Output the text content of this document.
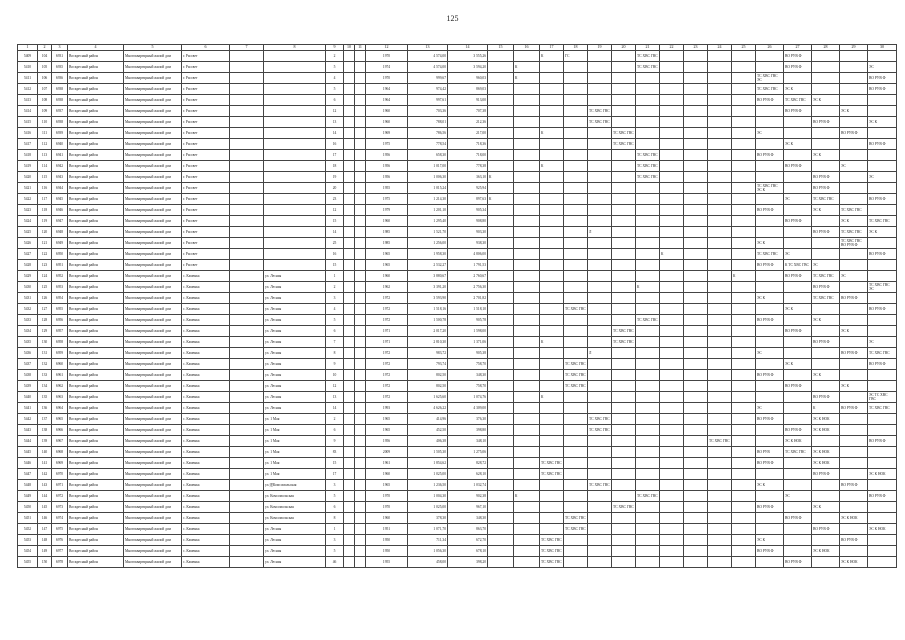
125
1	2	3	4	5	6	7	8	9	10	11	12	13	14	15	16	17	18	19	20	21	22	23	24	25	26	27	28	29	30
5409	104	6931	Воскресный район	Многоквартирный жилой дом	г. Рассвет			2			1970	4 574,00	3 555,26			К	ГС			ТС ХВС ГВС						ВО РУВ Ф			
5410	105	6935	Воскресный район	Многоквартирный жилой дом	г. Рассвет			5			1974	4 574,00	3 594,20		К					ТС ХВС ГВС						ВО РУВ Ф			ЭС
5411	106	6936	Воскресный район	Многоквартирный жилой дом	г. Рассвет			4			1970	999,67	960,03		К										ТС ХВС ГВС ЭС				ВО РУВ Ф
5412	107	6938	Воскресный район	Многоквартирный жилой дом	г. Рассвет			5			1964	974,42	869,03												ТС ХВС ГВС	ЭС К			ВО РУВ Ф
5413	108	6938	Воскресный район	Многоквартирный жилой дом	г. Рассвет			6			1964	997,61	913,00												ВО РУВ Ф	ТС ХВС ГВС	ЭС К		
5414	109	6937	Воскресный район	Многоквартирный жилой дом	г. Рассвет			12			1960	703,36	707,38					ТС ХВС ГВС								ВО РУВ Ф		ЭС К	
5415	110	6938	Воскресный район	Многоквартирный жилой дом	г. Рассвет			13			1960	788,01	212,36					ТС ХВС ГВС									ВО РУВ Ф		ЭС К
5416	111	6939	Воскресный район	Многоквартирный жилой дом	г. Рассвет			14			1969	786,56	217,00			К			ТС ХВС ГВС						ЭС			ВО РУВ Ф	
5417	112	6940	Воскресный район	Многоквартирный жилой дом	г. Рассвет			16			1975	778,54	718,36						ТС ХВС ГВС							ЭС К			ВО РУВ Ф
5418	113	6941	Воскресный район	Многоквартирный жилой дом	г. Рассвет			17			1956	658,30	718,00							ТС ХВС ГВС					ВО РУВ Ф		ЭС К		
5419	114	6942	Воскресный район	Многоквартирный жилой дом	г. Рассвет			18			1956	1 017,00	778,38			К				ТС ХВС ГВС						ВО РУВ Ф		ЭС	
5420	115	6943	Воскресный район	Многоквартирный жилой дом	г. Рассвет			19			1956	1 006,30	363,10	К						ТС ХВС ГВС							ВО РУВ Ф		ЭС
5421	116	6944	Воскресный район	Многоквартирный жилой дом	г. Рассвет			20			1955	1 015,24	925,94												ТС ХВС ГВС ЭС К		ВО РУВ Ф		
5422	117	6945	Воскресный район	Многоквартирный жилой дом	г. Рассвет			23			1975	1 214,30	897,63	К												ЭС	ТС ХВС ГВС		ВО РУВ Ф
5423	118	6946	Воскресный район	Многоквартирный жилой дом	г. Рассвет			12			1979	1 201,10	905,34												ВО РУВ Ф		ЭС К	ТС ХВС ГВС	
5424	119	6947	Воскресный район	Многоквартирный жилой дом	г. Рассвет			15			1960	1 295,40	908,80													ВО РУВ Ф		ЭС К	ТС ХВС ГВС
5425	120	6948	Воскресный район	Многоквартирный жилой дом	г. Рассвет			14			1985	1 521,70	903,30					Л									ВО РУВ Ф	ТС ХВС ГВС	ЭС К
5426	121	6949	Воскресный район	Многоквартирный жилой дом	г. Рассвет			25			1985	1 256,00	938,30												ЭС К			ТС ХВС ГВС ВО РУВ Ф	
5427	122	6950	Воскресный район	Многоквартирный жилой дом	г. Рассвет			16			1965	1 958,30	4 806,00								К				ТС ХВС ГВС	ЭС			ВО РУВ Ф
5428	123	6951	Воскресный район	Многоквартирный жилой дом	г. Рассвет			15			1965	2 532,27	1 791,53												ВО РУВ Ф	К ТС ХВС ГВС	ЭС		
5429	124	6952	Воскресный район	Многоквартирный жилой дом	с. Каменка		ул. Лесная	1			1960	3 880,67	2 760,67											К		ВО РУВ Ф	ТС ХВС ГВС	ЭС	
5430	125	6953	Воскресный район	Многоквартирный жилой дом	с. Каменка		ул. Лесная	2			1962	3 391,20	2 756,30							К							ВО РУВ Ф		ТС ХВС ГВС ЭС
5431	126	6954	Воскресный район	Многоквартирный жилой дом	с. Каменка		ул. Лесная	3			1972	3 593,90	2 701,82												ЭС К		ТС ХВС ГВС	ВО РУВ Ф	
5432	127	6955	Воскресный район	Многоквартирный жилой дом	с. Каменка		ул. Лесная	4			1972	1 518,16	1 518,10				ТС ХВС ГВС									ЭС К			ВО РУВ Ф
5433	128	6956	Воскресный район	Многоквартирный жилой дом	с. Каменка		ул. Лесная	5			1972	1 500,78	905,78							ТС ХВС ГВС					ВО РУВ Ф		ЭС К		
5434	129	6957	Воскресный район	Многоквартирный жилой дом	с. Каменка		ул. Лесная	6			1971	2 017,20	1 598,00						ТС ХВС ГВС							ВО РУВ Ф		ЭС К	
5435	130	6958	Воскресный район	Многоквартирный жилой дом	с. Каменка		ул. Лесная	7			1971	2 810,30	1 371,06			К			ТС ХВС ГВС								ВО РУВ Ф		ЭС
5436	131	6959	Воскресный район	Многоквартирный жилой дом	с. Каменка		ул. Лесная	8			1972	983,72	905,38					Л							ЭС			ВО РУВ Ф	ТС ХВС ГВС
5437	132	6960	Воскресный район	Многоквартирный жилой дом	с. Каменка		ул. Лесная	9			1972	793,74	758,70				ТС ХВС ГВС									ЭС К			ВО РУВ Ф
5438	133	6961	Воскресный район	Многоквартирный жилой дом	с. Каменка		ул. Лесная	10			1972	802,50	348,30				ТС ХВС ГВС								ВО РУВ Ф		ЭС К		
5439	134	6962	Воскресный район	Многоквартирный жилой дом	с. Каменка		ул. Лесная	12			1972	802,50	758,70				ТС ХВС ГВС									ВО РУВ Ф		ЭС К	
5440	135	6963	Воскресный район	Многоквартирный жилой дом	с. Каменка		ул. Лесная	13			1972	1 625,60	1 074,76			К											ВО РУВ Ф		ЭС ТС ХВС ГВС
5441	136	6964	Воскресный район	Многоквартирный жилой дом	с. Каменка		ул. Лесная	14			1993	4 626,22	4 309,00												ЭС		К	ВО РУВ Ф	ТС ХВС ГВС
5442	137	6965	Воскресный район	Многоквартирный жилой дом	с. Каменка		ул. 1 Мая	2			1965	414,96	376,30					ТС ХВС ГВС							ВО РУВ Ф		ЭС К НОК		
5443	138	6966	Воскресный район	Многоквартирный жилой дом	с. Каменка		ул. 1 Мая	6			1965	452,50	398,80					ТС ХВС ГВС								ВО РУВ Ф	ЭС К НОК		
5444	139	6967	Воскресный район	Многоквартирный жилой дом	с. Каменка		ул. 1 Мая	9			1956	406,38	348,10										ТС ХВС ГВС			ЭС К НОК			ВО РУВ Ф
5445	140	6968	Воскресный район	Многоквартирный жилой дом	с. Каменка		ул. 1 Мая	83			2009	1 505,30	1 275,06												ВО РУВ	ТС ХВС ГВС	ЭС К НОК		
5446	141	6969	Воскресный район	Многоквартирный жилой дом	с. Каменка		ул. 1 Мая	15			1961	1 854,62	828,72			ТС ХВС ГВС									ВО РУВ Ф		ЭС К НОК		
5447	142	6970	Воскресный район	Многоквартирный жилой дом	с. Каменка		ул. 1 Мая	17			1960	1 025,00	628,10			ТС ХВС ГВС											ВО РУВ Ф		ЭС К НОК
5448	143	6971	Воскресный район	Многоквартирный жилой дом	с. Каменка		ул.建Комсомольская	3			1965	1 236,50	1 032,74					ТС ХВС ГВС							ЭС К			ВО РУВ Ф	
5449	144	6972	Воскресный район	Многоквартирный жилой дом	с. Каменка		ул. Комсомольская	5			1970	1 004,30	902,38		К					ТС ХВС ГВС						ЭС			ВО РУВ Ф
5450	145	6973	Воскресный район	Многоквартирный жилой дом	с. Каменка		ул. Комсомольская	6			1970	1 025,00	967,10						ТС ХВС ГВС						ВО РУВ Ф		ЭС К		
5451	146	6974	Воскресный район	Многоквартирный жилой дом	с. Каменка		ул. Комсомольская	8			1960	378,30	348,30				ТС ХВС ГВС									ВО РУВ Ф		ЭС К НОК	
5452	147	6975	Воскресный район	Многоквартирный жилой дом	с. Каменка		ул. Лесная	1			1951	1 071,70	863,70				ТС ХВС ГВС										ВО РУВ Ф		ЭС К НОК
5453	148	6976	Воскресный район	Многоквартирный жилой дом	с. Каменка		ул. Лесная	3			1950	711,34	672,70			ТС ХВС ГВС									ЭС К			ВО РУВ Ф	
5454	149	6977	Воскресный район	Многоквартирный жилой дом	с. Каменка		ул. Лесная	5			1950	1 056,30	678,10			ТС ХВС ГВС									ВО РУВ Ф		ЭС К НОК		
5455	150	6978	Воскресный район	Многоквартирный жилой дом	с. Каменка		ул. Лесная	46			1955	458,00	398,20			ТС ХВС ГВС										ВО РУВ Ф		ЭС К НОК	
